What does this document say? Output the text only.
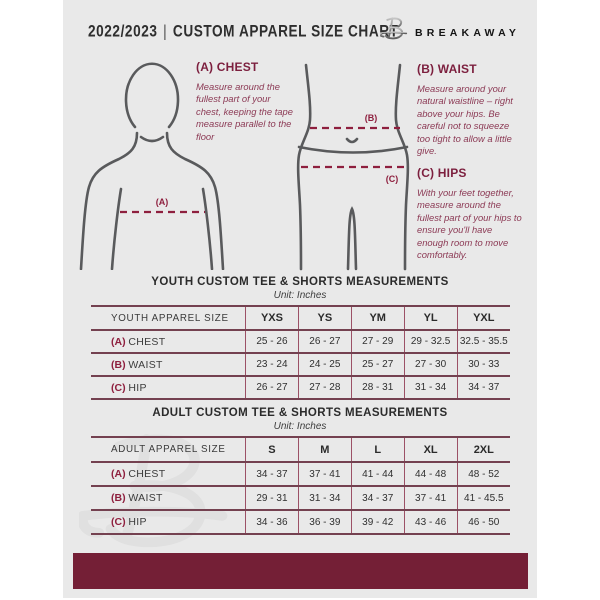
2022/2023 | CUSTOM APPAREL SIZE CHART BREAKAWAY
(A)
(B)
(C)
(A) CHEST

Measure around the fullest part of your chest, keeping the tape measure parallel to the floor

(B) WAIST

Measure around your natural waistline – right above your hips. Be careful not to squeeze too tight to allow a little give.

(C) HIPS

With your feet together, measure around the fullest part of your hips to ensure you'll have enough room to move comfortably.

YOUTH CUSTOM TEE & SHORTS MEASUREMENTS
Unit: Inches
YOUTH APPAREL SIZE	YXS	YS	YM	YL	YXL
(A) CHEST	25 - 26	26 - 27	27 - 29	29 - 32.5	32.5 - 35.5
(B) WAIST	23 - 24	24 - 25	25 - 27	27 - 30	30 - 33
(C) HIP	26 - 27	27 - 28	28 - 31	31 - 34	34 - 37
ADULT CUSTOM TEE & SHORTS MEASUREMENTS
Unit: Inches
ADULT APPAREL SIZE	S	M	L	XL	2XL
(A) CHEST	34 - 37	37 - 41	41 - 44	44 - 48	48 - 52
(B) WAIST	29 - 31	31 - 34	34 - 37	37 - 41	41 - 45.5
(C) HIP	34 - 36	36 - 39	39 - 42	43 - 46	46 - 50
